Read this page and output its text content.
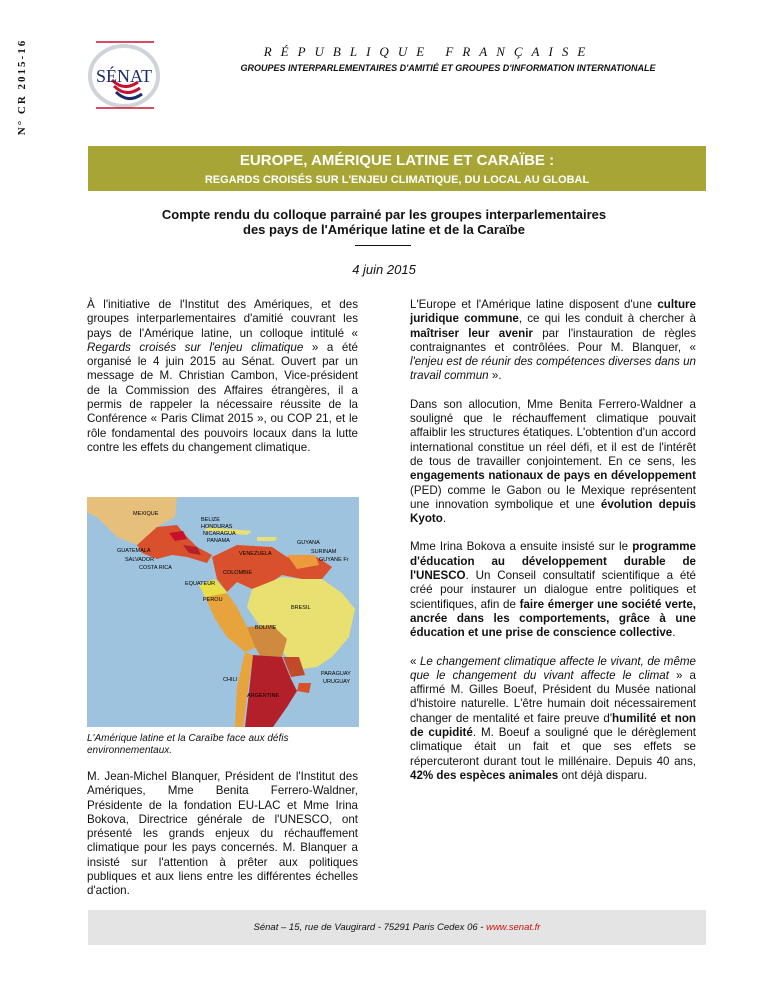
N° CR 2015-16	SÉNAT
RÉPUBLIQUE FRANÇAISE
GROUPES INTERPARLEMENTAIRES D'AMITIÉ ET GROUPES D'INFORMATION INTERNATIONALE
EUROPE, AMÉRIQUE LATINE ET CARAÏBE :
REGARDS CROISÉS SUR L'ENJEU CLIMATIQUE, DU LOCAL AU GLOBAL
Compte rendu du colloque parrainé par les groupes interparlementaires
des pays de l'Amérique latine et de la Caraïbe
4 juin 2015

À l'initiative de l'Institut des Amériques, et des groupes interparlementaires d'amitié couvrant les pays de l'Amérique latine, un colloque intitulé « Regards croisés sur l'enjeu climatique » a été organisé le 4 juin 2015 au Sénat. Ouvert par un message de M. Christian Cambon, Vice-président de la Commission des Affaires étrangères, il a permis de rappeler la nécessaire réussite de la Conférence « Paris Climat 2015 », ou COP 21, et le rôle fondamental des pouvoirs locaux dans la lutte contre les effets du changement climatique.

MEXIQUE
BELIZE
HONDURAS
NICARAGUA
PANAMA
GUATEMALA
SALVADOR
COSTA RICA
VENEZUELA
GUYANA
SURINAM
GUYANE Fr
COLOMBIE
EQUATEUR
PEROU
BRESIL
BOLIVIE
PARAGUAY
URUGUAY
CHILI
ARGENTINE
L'Amérique latine et la Caraïbe face aux défis environnementaux.

M. Jean-Michel Blanquer, Président de l'Institut des Amériques, Mme Benita Ferrero-Waldner, Présidente de la fondation EU-LAC et Mme Irina Bokova, Directrice générale de l'UNESCO, ont présenté les grands enjeux du réchauffement climatique pour les pays concernés. M. Blanquer a insisté sur l'attention à prêter aux politiques publiques et aux liens entre les différentes échelles d'action.

L'Europe et l'Amérique latine disposent d'une culture juridique commune, ce qui les conduit à chercher à maîtriser leur avenir par l'instauration de règles contraignantes et contrôlées. Pour M. Blanquer, « l'enjeu est de réunir des compétences diverses dans un travail commun ».

Dans son allocution, Mme Benita Ferrero-Waldner a souligné que le réchauffement climatique pouvait affaiblir les structures étatiques. L'obtention d'un accord international constitue un réel défi, et il est de l'intérêt de tous de travailler conjointement. En ce sens, les engagements nationaux de pays en développement (PED) comme le Gabon ou le Mexique représentent une innovation symbolique et une évolution depuis Kyoto.

Mme Irina Bokova a ensuite insisté sur le programme d'éducation au développement durable de l'UNESCO. Un Conseil consultatif scientifique a été créé pour instaurer un dialogue entre politiques et scientifiques, afin de faire émerger une société verte, ancrée dans les comportements, grâce à une éducation et une prise de conscience collective.

« Le changement climatique affecte le vivant, de même que le changement du vivant affecte le climat » a affirmé M. Gilles Boeuf, Président du Musée national d'histoire naturelle. L'être humain doit nécessairement changer de mentalité et faire preuve d'humilité et non de cupidité. M. Boeuf a souligné que le dérèglement climatique était un fait et que ses effets se répercuteront durant tout le millénaire. Depuis 40 ans, 42% des espèces animales ont déjà disparu.

Sénat – 15, rue de Vaugirard - 75291 Paris Cedex 06 - www.senat.fr
